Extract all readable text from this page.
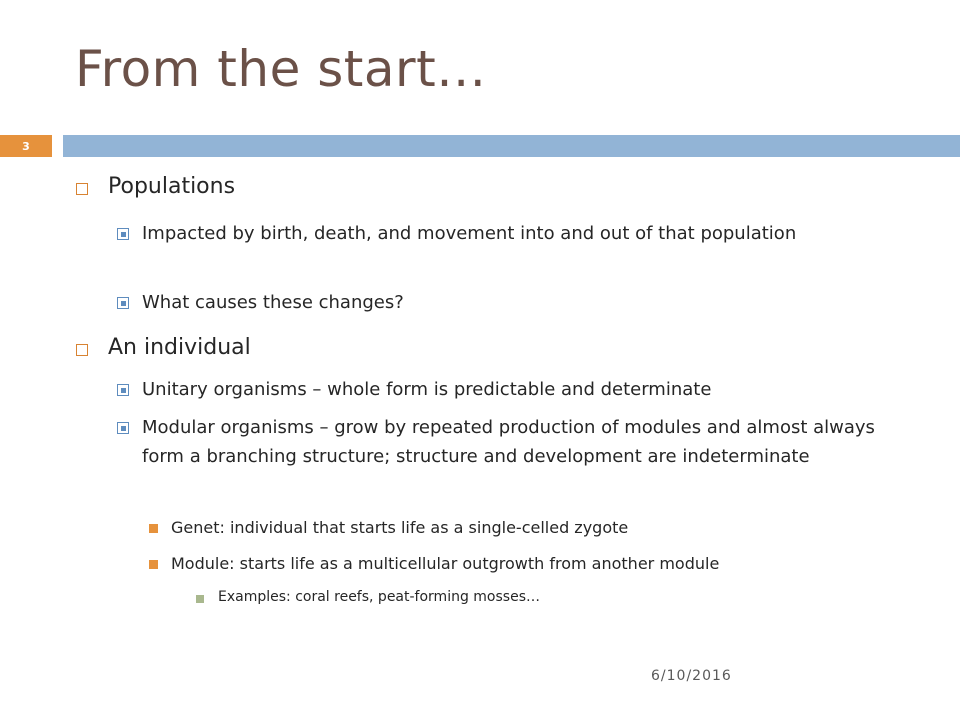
From the start…
3
Populations
Impacted by birth, death, and movement into and out of that population
What causes these changes?
An individual
Unitary organisms – whole form is predictable and determinate
Modular organisms – grow by repeated production of modules and almost always form a branching structure; structure and development are indeterminate
Genet: individual that starts life as a single-celled zygote
Module: starts life as a multicellular outgrowth from another module
Examples: coral reefs, peat-forming mosses…
6/10/2016
